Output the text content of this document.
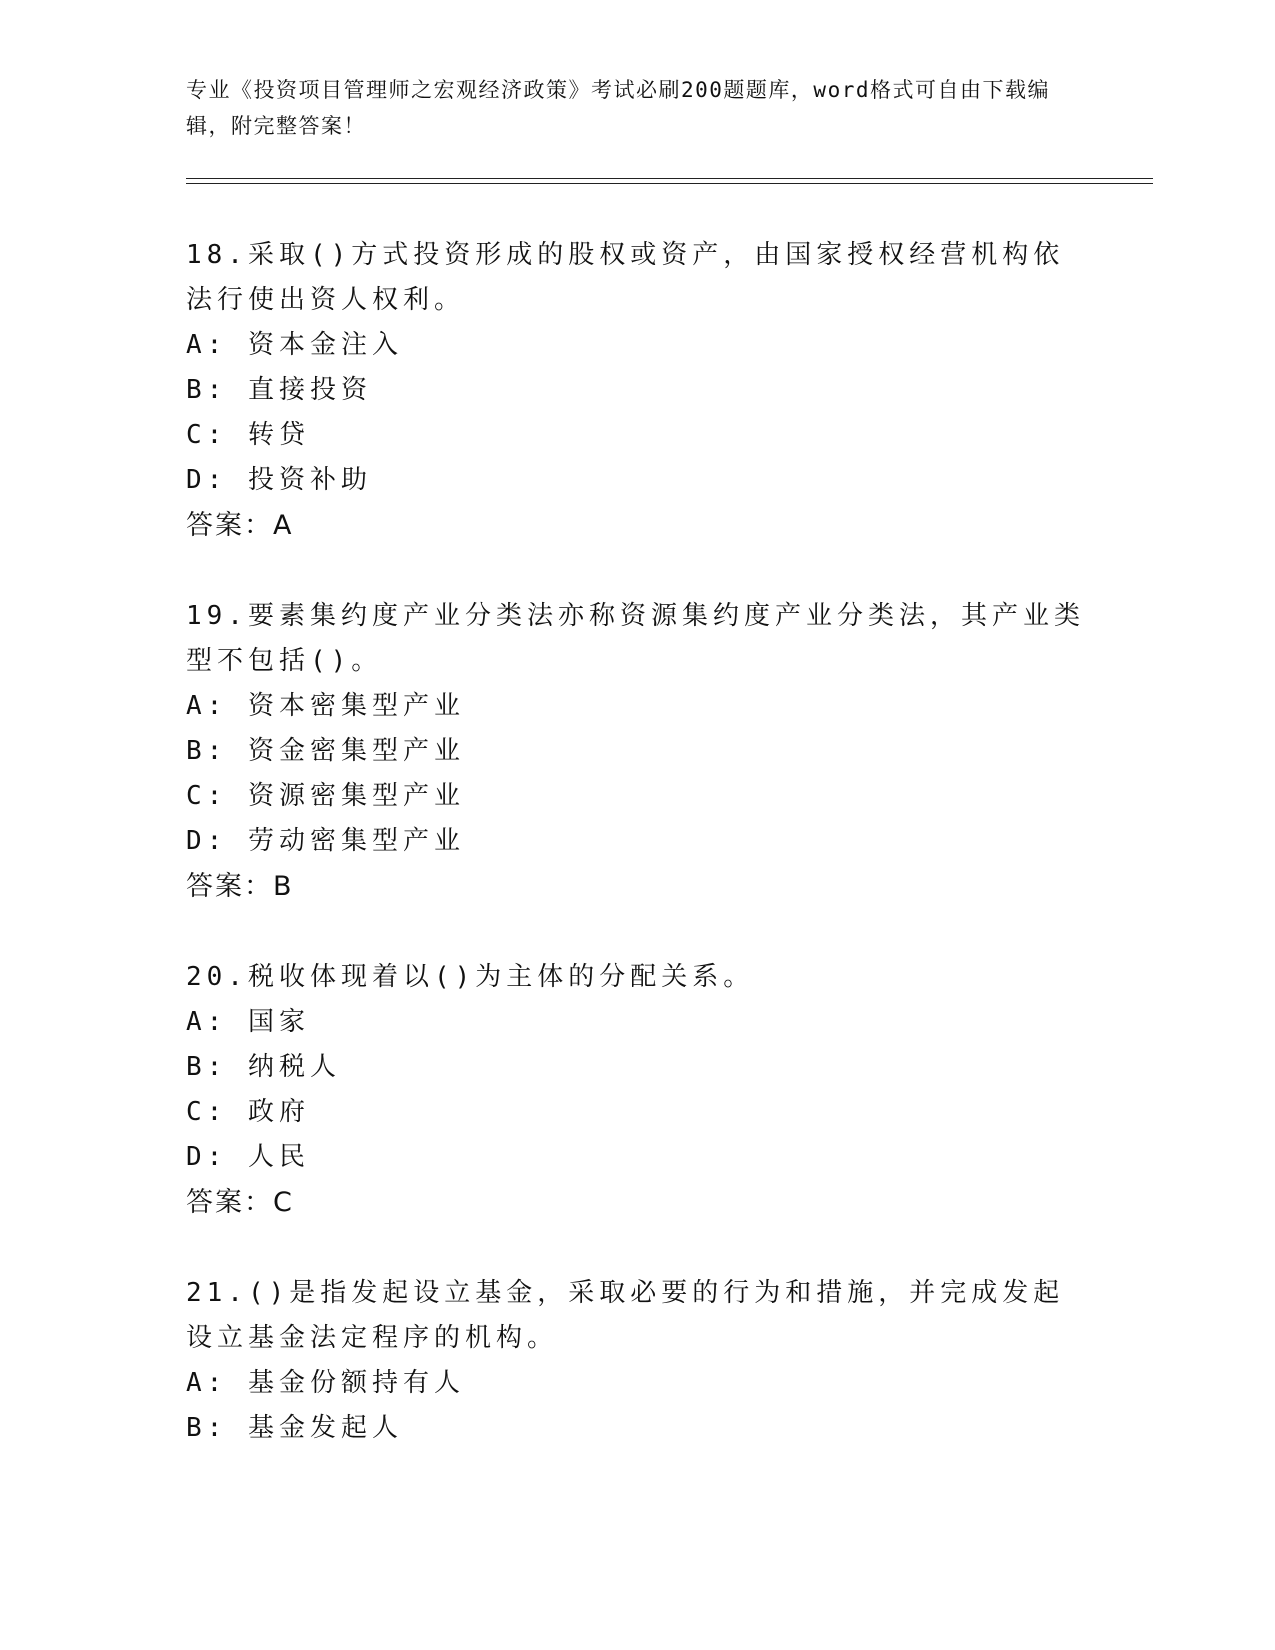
专业《投资项目管理师之宏观经济政策》考试必刷200题题库，word格式可自由下载编辑，附完整答案！

18.采取()方式投资形成的股权或资产，由国家授权经营机构依法行使出资人权利。

A: 资本金注入

B: 直接投资

C: 转贷

D: 投资补助

答案：A

19.要素集约度产业分类法亦称资源集约度产业分类法，其产业类型不包括()。

A: 资本密集型产业

B: 资金密集型产业

C: 资源密集型产业

D: 劳动密集型产业

答案：B

20.税收体现着以()为主体的分配关系。

A: 国家

B: 纳税人

C: 政府

D: 人民

答案：C

21.()是指发起设立基金，采取必要的行为和措施，并完成发起设立基金法定程序的机构。

A: 基金份额持有人

B: 基金发起人
